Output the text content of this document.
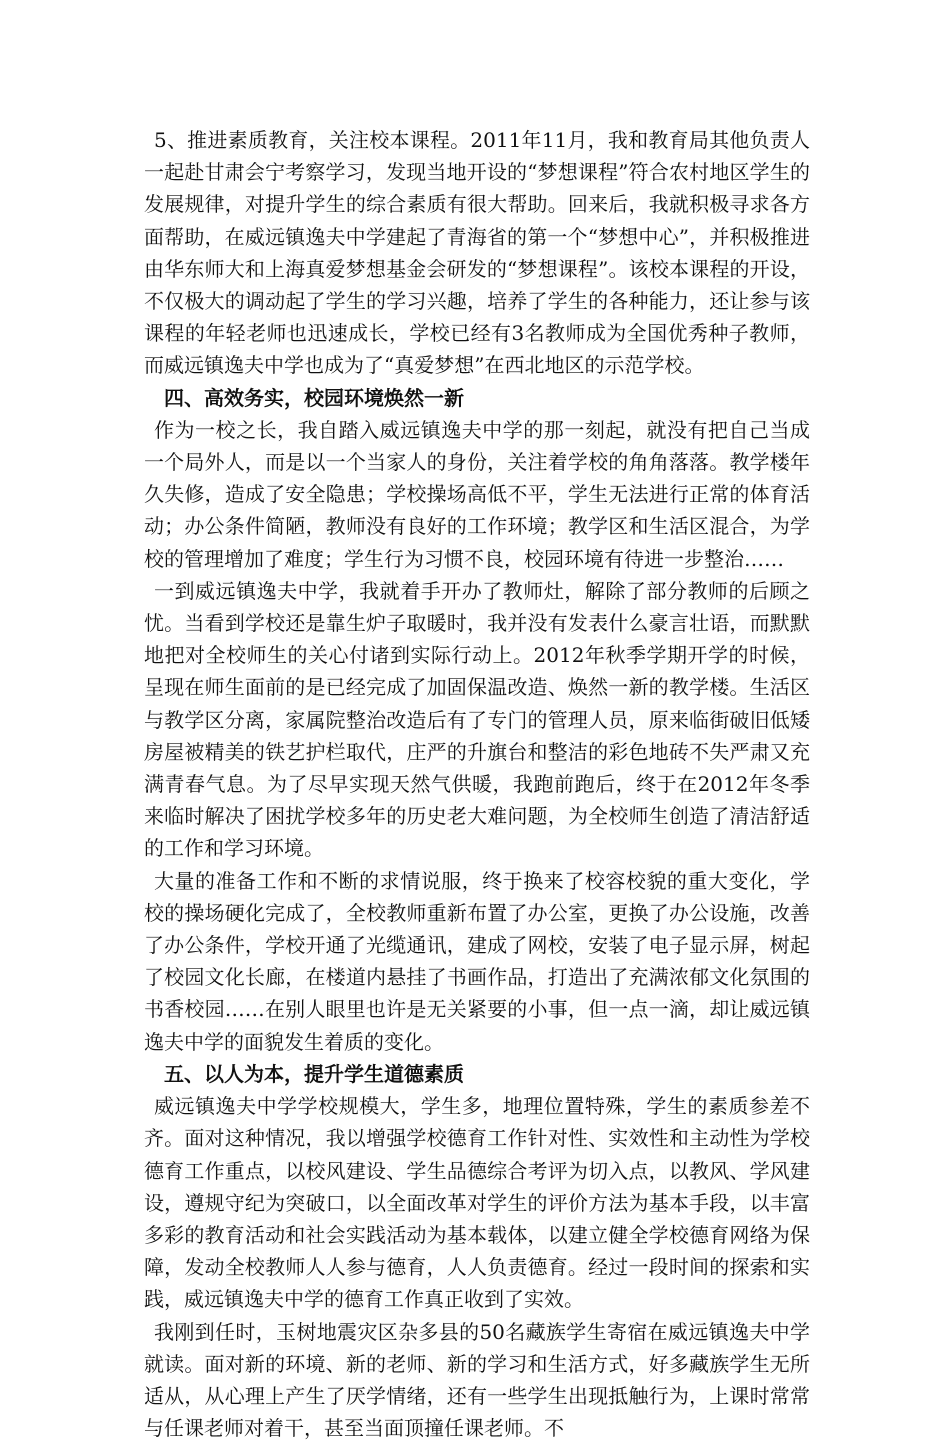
5、推进素质教育，关注校本课程。2011年11月，我和教育局其他负责人一起赴甘肃会宁考察学习，发现当地开设的“梦想课程”符合农村地区学生的发展规律，对提升学生的综合素质有很大帮助。回来后，我就积极寻求各方面帮助，在威远镇逸夫中学建起了青海省的第一个“梦想中心”，并积极推进由华东师大和上海真爱梦想基金会研发的“梦想课程”。该校本课程的开设，不仅极大的调动起了学生的学习兴趣，培养了学生的各种能力，还让参与该课程的年轻老师也迅速成长，学校已经有3名教师成为全国优秀种子教师，而威远镇逸夫中学也成为了“真爱梦想”在西北地区的示范学校。

四、高效务实，校园环境焕然一新

作为一校之长，我自踏入威远镇逸夫中学的那一刻起，就没有把自己当成一个局外人，而是以一个当家人的身份，关注着学校的角角落落。教学楼年久失修，造成了安全隐患；学校操场高低不平，学生无法进行正常的体育活动；办公条件简陋，教师没有良好的工作环境；教学区和生活区混合，为学校的管理增加了难度；学生行为习惯不良，校园环境有待进一步整治……

一到威远镇逸夫中学，我就着手开办了教师灶，解除了部分教师的后顾之忧。当看到学校还是靠生炉子取暖时，我并没有发表什么豪言壮语，而默默地把对全校师生的关心付诸到实际行动上。2012年秋季学期开学的时候，呈现在师生面前的是已经完成了加固保温改造、焕然一新的教学楼。生活区与教学区分离，家属院整治改造后有了专门的管理人员，原来临街破旧低矮房屋被精美的铁艺护栏取代，庄严的升旗台和整洁的彩色地砖不失严肃又充满青春气息。为了尽早实现天然气供暖，我跑前跑后，终于在2012年冬季来临时解决了困扰学校多年的历史老大难问题，为全校师生创造了清洁舒适的工作和学习环境。

大量的准备工作和不断的求情说服，终于换来了校容校貌的重大变化，学校的操场硬化完成了，全校教师重新布置了办公室，更换了办公设施，改善了办公条件，学校开通了光缆通讯，建成了网校，安装了电子显示屏，树起了校园文化长廊，在楼道内悬挂了书画作品，打造出了充满浓郁文化氛围的书香校园……在别人眼里也许是无关紧要的小事，但一点一滴，却让威远镇逸夫中学的面貌发生着质的变化。

五、以人为本，提升学生道德素质

威远镇逸夫中学学校规模大，学生多，地理位置特殊，学生的素质参差不齐。面对这种情况，我以增强学校德育工作针对性、实效性和主动性为学校德育工作重点，以校风建设、学生品德综合考评为切入点，以教风、学风建设，遵规守纪为突破口，以全面改革对学生的评价方法为基本手段，以丰富多彩的教育活动和社会实践活动为基本载体，以建立健全学校德育网络为保障，发动全校教师人人参与德育，人人负责德育。经过一段时间的探索和实践，威远镇逸夫中学的德育工作真正收到了实效。

我刚到任时，玉树地震灾区杂多县的50名藏族学生寄宿在威远镇逸夫中学就读。面对新的环境、新的老师、新的学习和生活方式，好多藏族学生无所适从，从心理上产生了厌学情绪，还有一些学生出现抵触行为，上课时常常与任课老师对着干，甚至当面顶撞任课老师。不
